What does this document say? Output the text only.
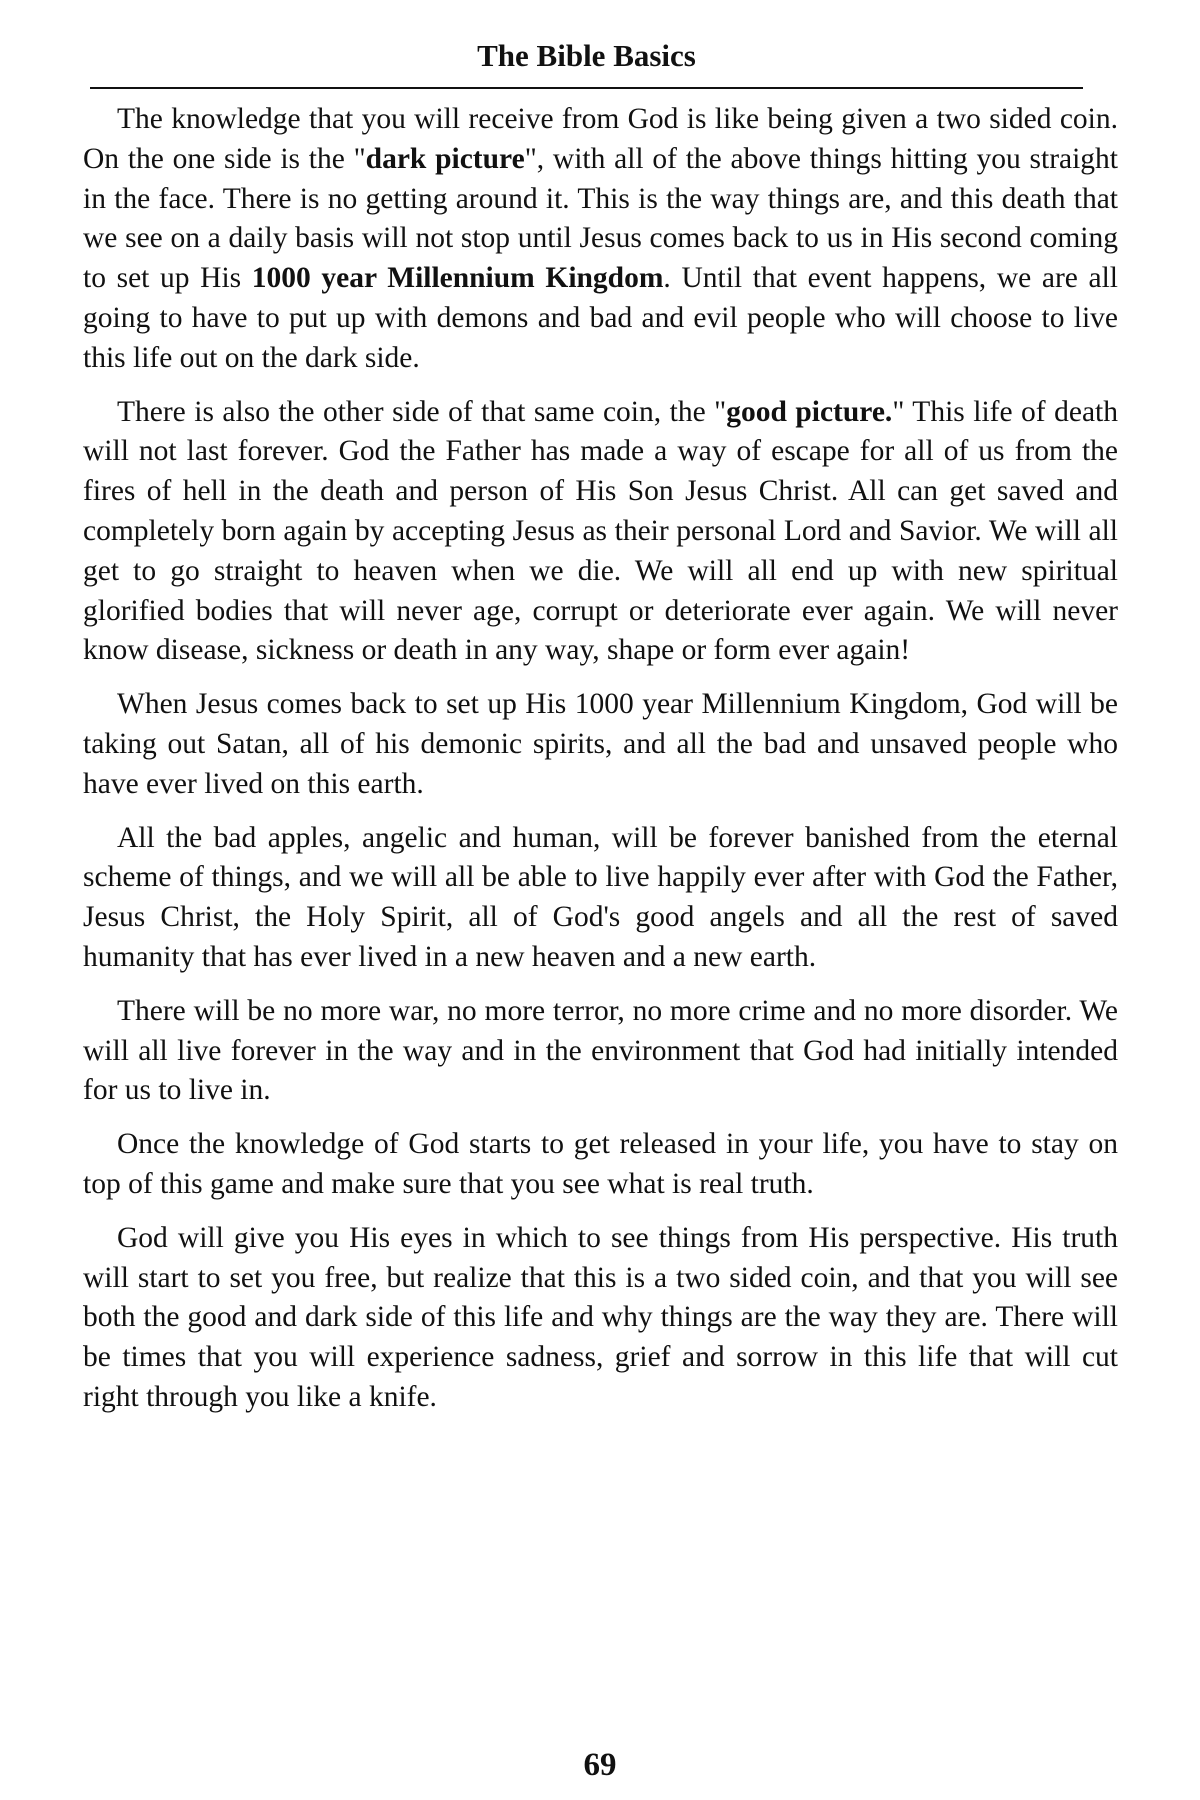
The Bible Basics

The knowledge that you will receive from God is like being given a two sided coin. On the one side is the "dark picture", with all of the above things hitting you straight in the face. There is no getting around it. This is the way things are, and this death that we see on a daily basis will not stop until Jesus comes back to us in His second coming to set up His 1000 year Millennium Kingdom. Until that event happens, we are all going to have to put up with demons and bad and evil people who will choose to live this life out on the dark side.

There is also the other side of that same coin, the "good picture." This life of death will not last forever. God the Father has made a way of escape for all of us from the fires of hell in the death and person of His Son Jesus Christ. All can get saved and completely born again by accepting Jesus as their personal Lord and Savior. We will all get to go straight to heaven when we die. We will all end up with new spiritual glorified bodies that will never age, corrupt or deteriorate ever again. We will never know disease, sickness or death in any way, shape or form ever again!

When Jesus comes back to set up His 1000 year Millennium Kingdom, God will be taking out Satan, all of his demonic spirits, and all the bad and unsaved people who have ever lived on this earth.

All the bad apples, angelic and human, will be forever banished from the eternal scheme of things, and we will all be able to live happily ever after with God the Father, Jesus Christ, the Holy Spirit, all of God's good angels and all the rest of saved humanity that has ever lived in a new heaven and a new earth.

There will be no more war, no more terror, no more crime and no more disorder. We will all live forever in the way and in the environment that God had initially intended for us to live in.

Once the knowledge of God starts to get released in your life, you have to stay on top of this game and make sure that you see what is real truth.

God will give you His eyes in which to see things from His perspective. His truth will start to set you free, but realize that this is a two sided coin, and that you will see both the good and dark side of this life and why things are the way they are. There will be times that you will experience sadness, grief and sorrow in this life that will cut right through you like a knife.

69
